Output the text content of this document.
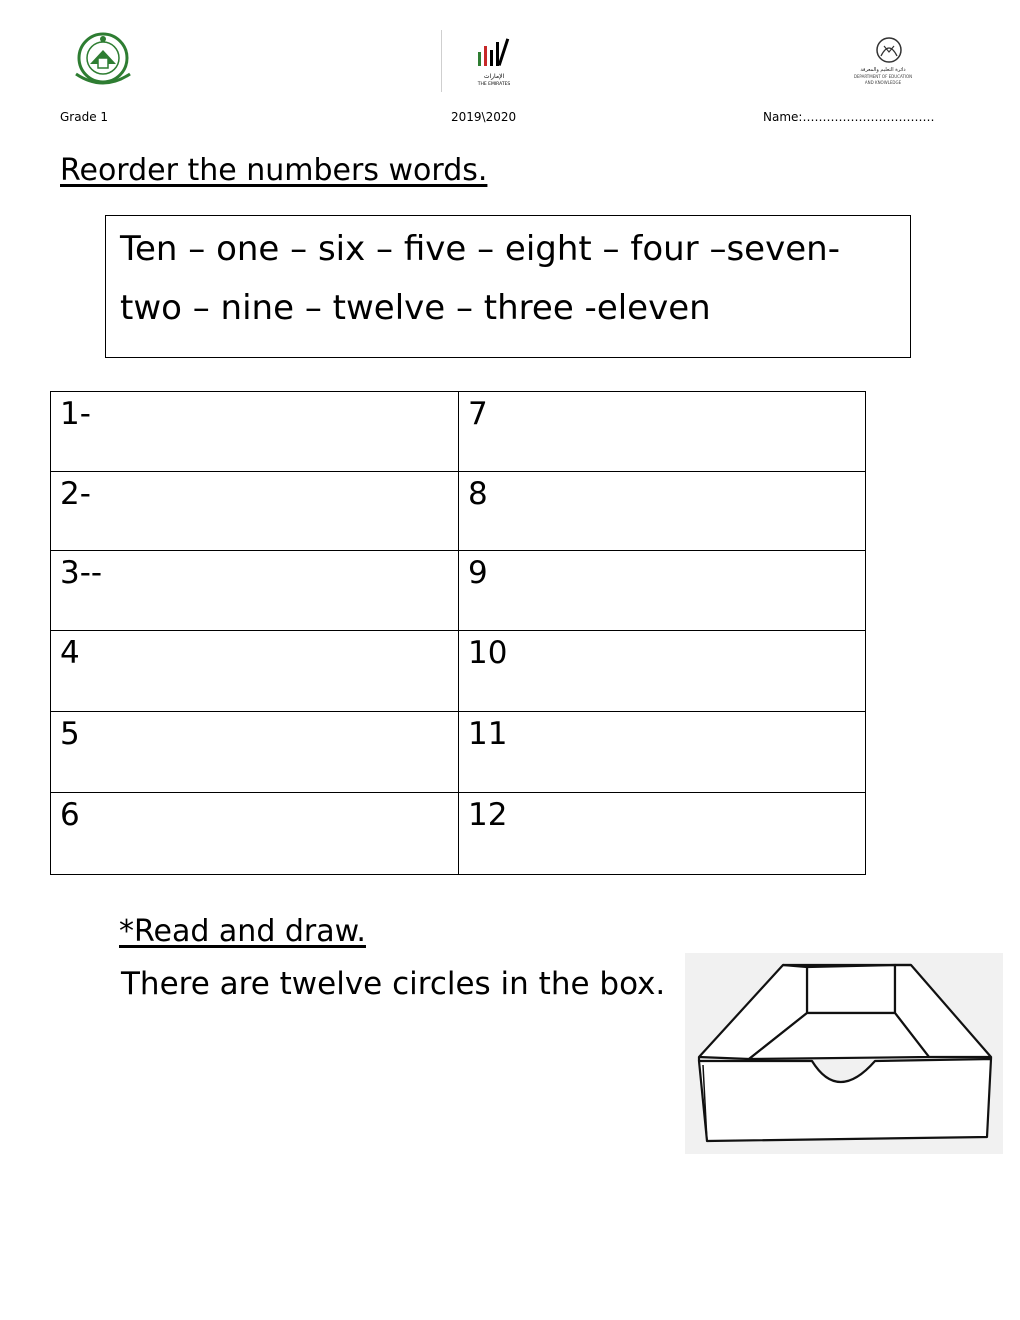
الإمارات
THE EMIRATES
دائرة التعليم والمعرفة
DEPARTMENT OF EDUCATION
AND KNOWLEDGE
Grade 1	2019\2020	Name:……………………………
Reorder the numbers words.
Ten – one – six – five – eight – four –seven-
two – nine – twelve – three -eleven
1-	7
2-	8
3--	9
4	10
5	11
6	12
*Read and draw.
There are twelve circles in the box.
